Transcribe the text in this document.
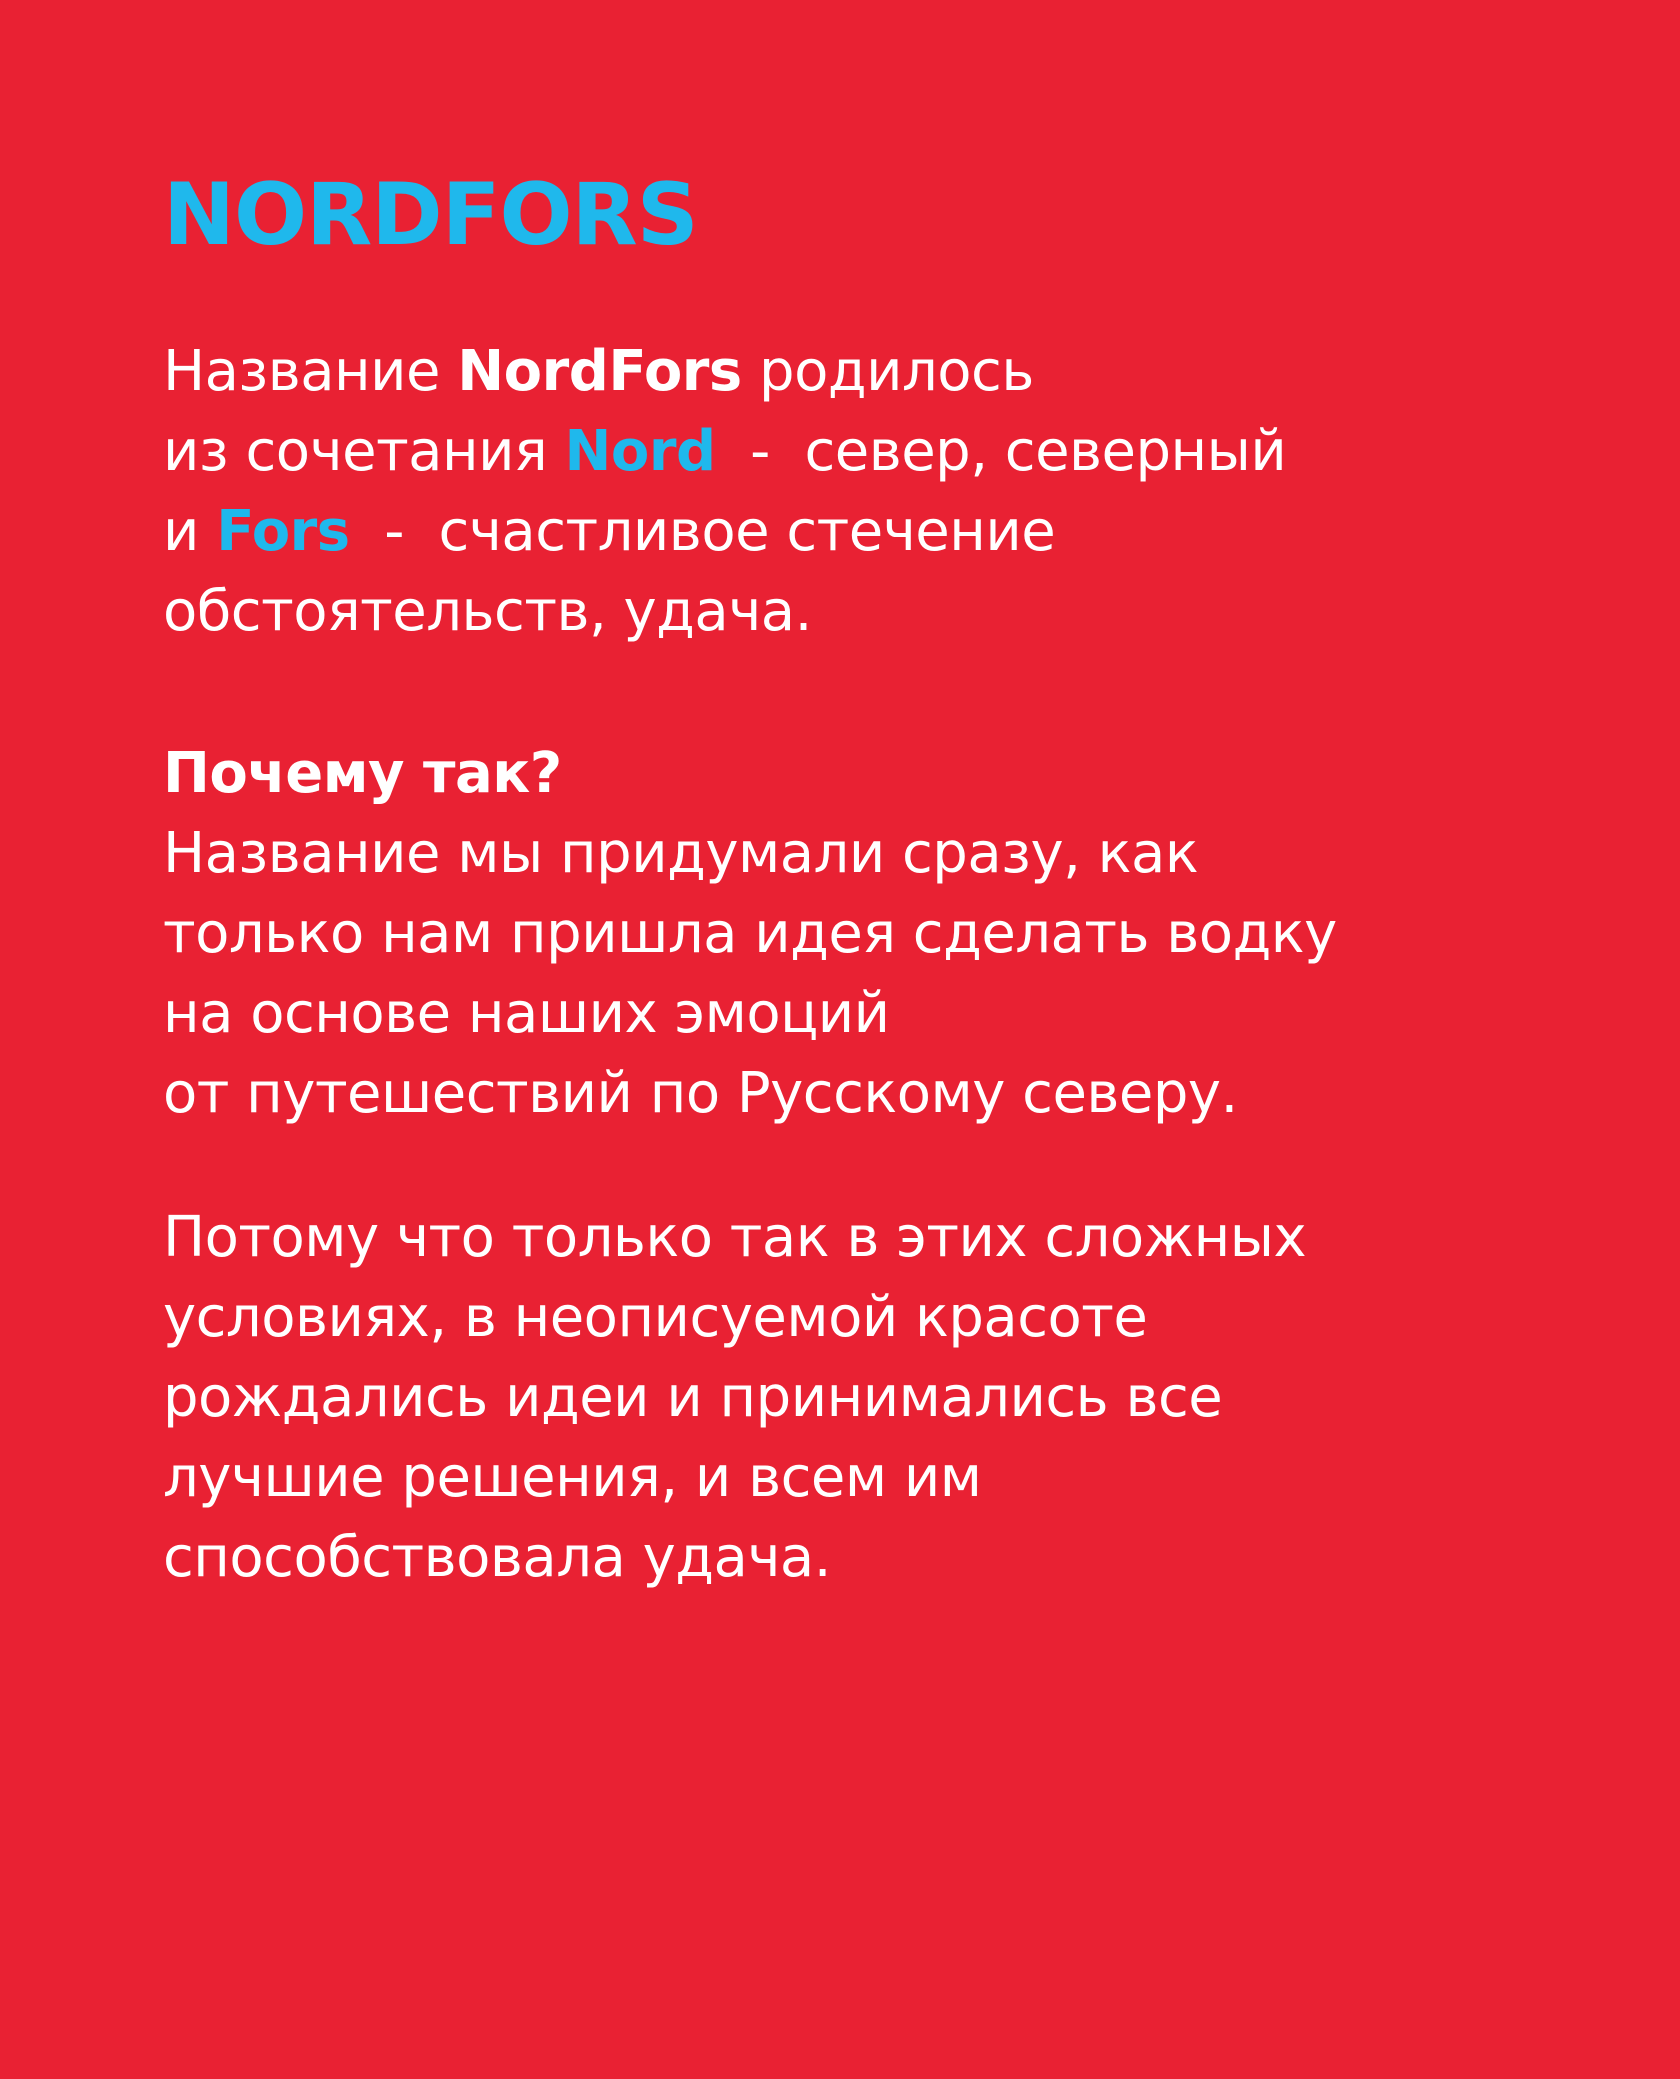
NORDFORS

Название NordFors родилось
из сочетания Nord  -  север, северный
и Fors  -  счастливое стечение
обстоятельств, удача.

Почему так?
Название мы придумали сразу, как
только нам пришла идея сделать водку
на основе наших эмоций
от путешествий по Русскому северу.

Потому что только так в этих сложных
условиях, в неописуемой красоте
рождались идеи и принимались все
лучшие решения, и всем им
способствовала удача.
